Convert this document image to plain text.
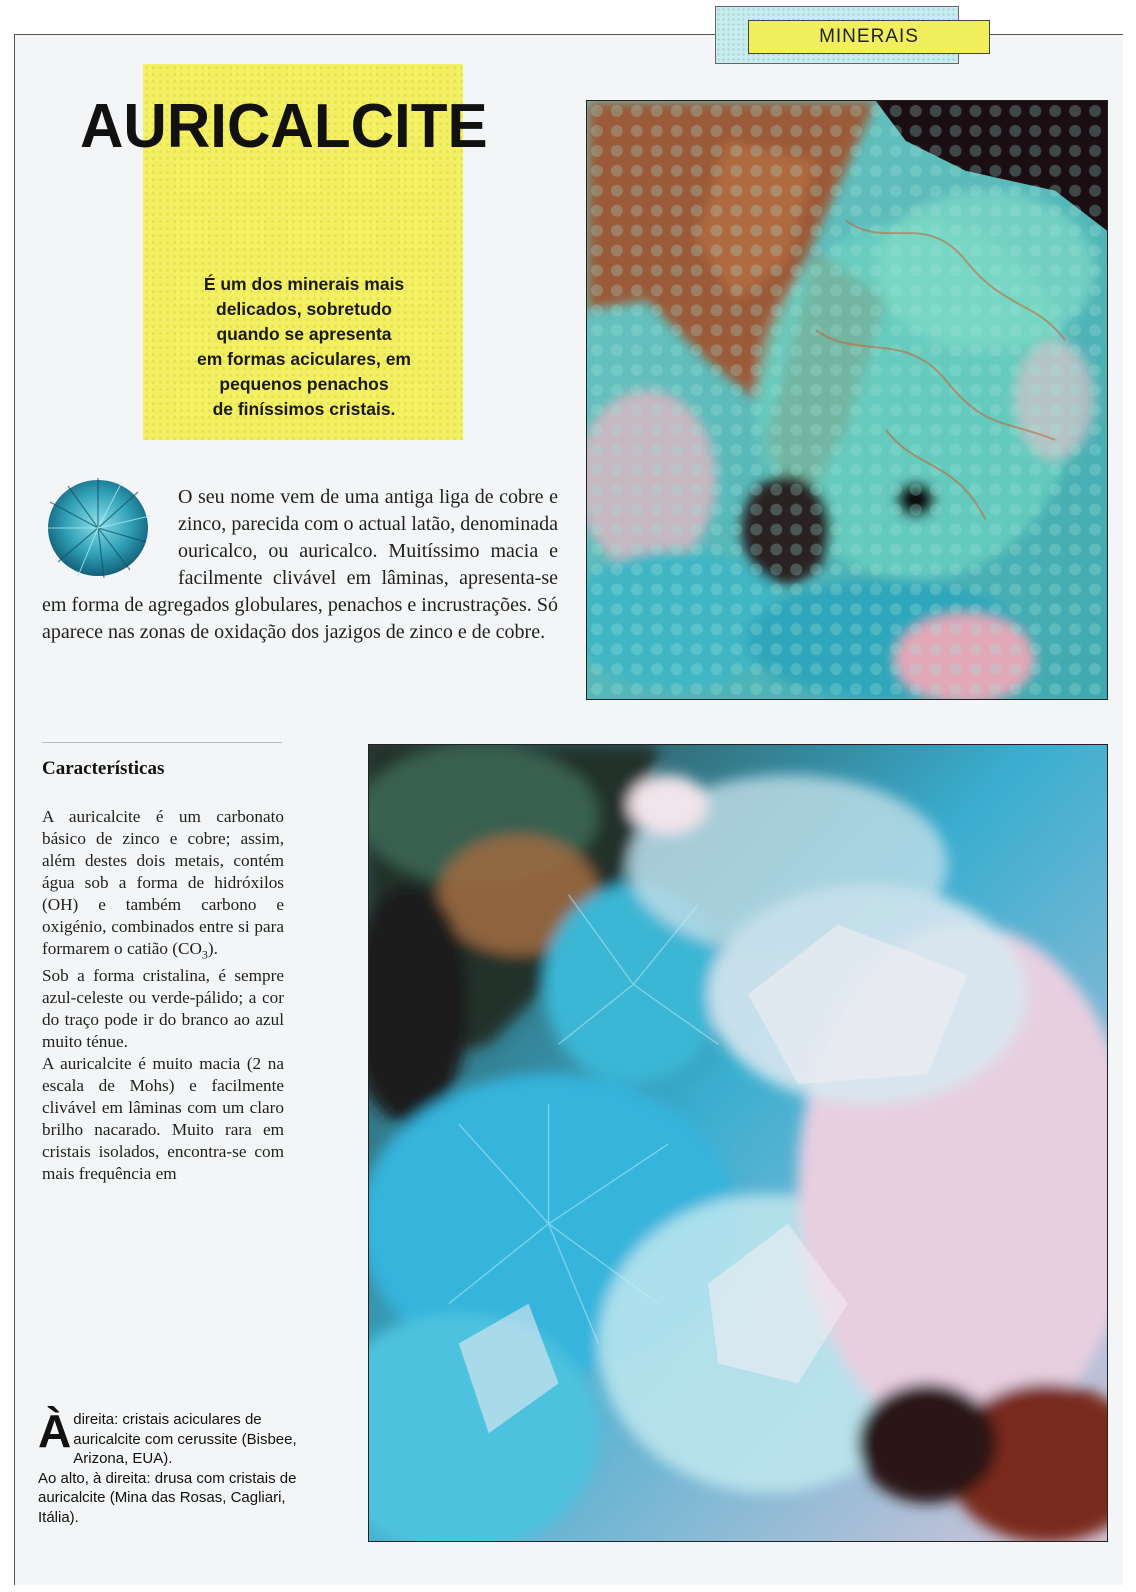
MINERAIS
AURICALCITE

É um dos minerais mais
delicados, sobretudo
quando se apresenta
em formas aciculares, em
pequenos penachos
de finíssimos cristais.

O seu nome vem de uma antiga liga de cobre e zinco, parecida com o actual latão, denominada ouricalco, ou auricalco. Muitíssimo macia e facilmente clivável em lâminas, apresenta-se em forma de agregados globulares, penachos e incrustrações. Só aparece nas zonas de oxidação dos jazigos de zinco e de cobre.

Características

A auricalcite é um carbonato básico de zinco e cobre; assim, além destes dois metais, contém água sob a forma de hidróxilos (OH) e também carbono e oxigénio, combinados entre si para formarem o catião $(CO_3)$.

Sob a forma cristalina, é sempre azul-celeste ou verde-pálido; a cor do traço pode ir do branco ao azul muito ténue.

A auricalcite é muito macia (2 na escala de Mohs) e facilmente clivável em lâminas com um claro brilho nacarado. Muito rara em cristais isolados, encontra-se com mais frequência em

Àdireita: cristais aciculares de auricalcite com cerussite (Bisbee, Arizona, EUA).
Ao alto, à direita: drusa com cristais de auricalcite (Mina das Rosas, Cagliari, Itália).
